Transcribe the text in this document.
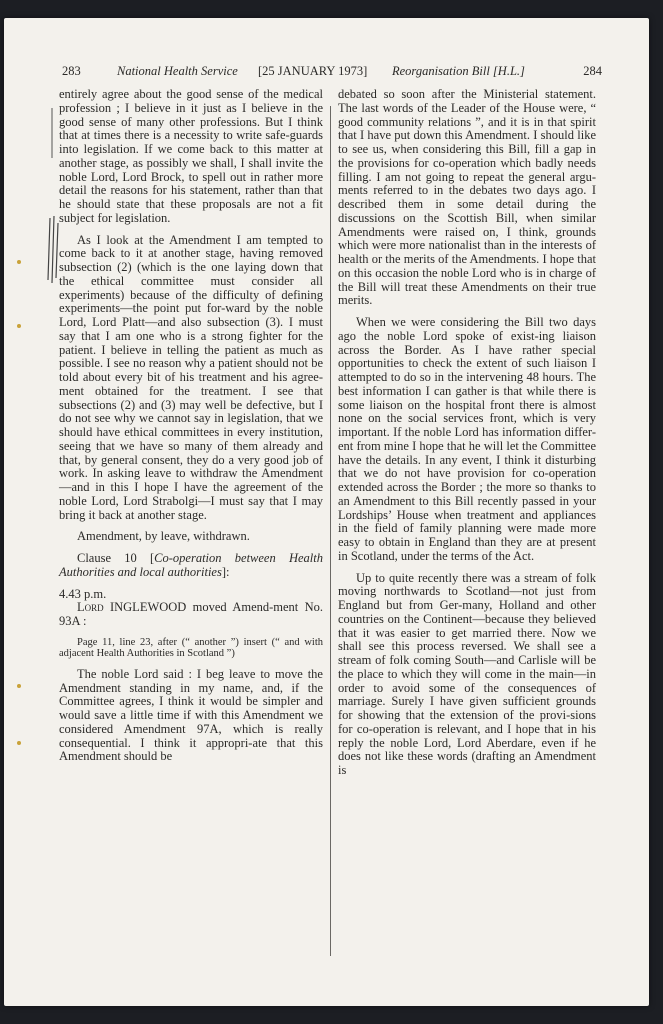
283	National Health Service [25 JANUARY 1973] Reorganisation Bill [H.L.]	284

entirely agree about the good sense of the medical profession ; I believe in it just as I believe in the good sense of many other professions. But I think that at times there is a necessity to write safe-guards into legislation. If we come back to this matter at another stage, as possibly we shall, I shall invite the noble Lord, Lord Brock, to spell out in rather more detail the reasons for his statement, rather than that he should state that these proposals are not a fit subject for legislation.

As I look at the Amendment I am tempted to come back to it at another stage, having removed subsection (2) (which is the one laying down that the ethical committee must consider all experiments) because of the difficulty of defining experiments—the point put for-ward by the noble Lord, Lord Platt—and also subsection (3). I must say that I am one who is a strong fighter for the patient. I believe in telling the patient as much as possible. I see no reason why a patient should not be told about every bit of his treatment and his agree-ment obtained for the treatment. I see that subsections (2) and (3) may well be defective, but I do not see why we cannot say in legislation, that we should have ethical committees in every institution, seeing that we have so many of them already and that, by general consent, they do a very good job of work. In asking leave to withdraw the Amendment—and in this I hope I have the agreement of the noble Lord, Lord Strabolgi—I must say that I may bring it back at another stage.

Amendment, by leave, withdrawn.

Clause 10 [Co-operation between Health Authorities and local authorities]:

4.43 p.m.

Lord INGLEWOOD moved Amend-ment No. 93A :

Page 11, line 23, after (“ another ”) insert (“ and with adjacent Health Authorities in Scotland ”)

The noble Lord said : I beg leave to move the Amendment standing in my name, and, if the Committee agrees, I think it would be simpler and would save a little time if with this Amendment we considered Amendment 97A, which is really consequential. I think it appropri-ate that this Amendment should be

debated so soon after the Ministerial statement. The last words of the Leader of the House were, “ good community relations ”, and it is in that spirit that I have put down this Amendment. I should like to see us, when considering this Bill, fill a gap in the provisions for co-operation which badly needs filling. I am not going to repeat the general argu-ments referred to in the debates two days ago. I described them in some detail during the discussions on the Scottish Bill, when similar Amendments were raised on, I think, grounds which were more nationalist than in the interests of health or the merits of the Amendments. I hope that on this occasion the noble Lord who is in charge of the Bill will treat these Amendments on their true merits.

When we were considering the Bill two days ago the noble Lord spoke of exist-ing liaison across the Border. As I have rather special opportunities to check the extent of such liaison I attempted to do so in the intervening 48 hours. The best information I can gather is that while there is some liaison on the hospital front there is almost none on the social services front, which is very important. If the noble Lord has information differ-ent from mine I hope that he will let the Committee have the details. In any event, I think it disturbing that we do not have provision for co-operation extended across the Border ; the more so thanks to an Amendment to this Bill recently passed in your Lordships’ House when treatment and appliances in the field of family planning were made more easy to obtain in England than they are at present in Scotland, under the terms of the Act.

Up to quite recently there was a stream of folk moving northwards to Scotland—not just from England but from Ger-many, Holland and other countries on the Continent—because they believed that it was easier to get married there. Now we shall see this process reversed. We shall see a stream of folk coming South—and Carlisle will be the place to which they will come in the main—in order to avoid some of the consequences of marriage. Surely I have given sufficient grounds for showing that the extension of the provi-sions for co-operation is relevant, and I hope that in his reply the noble Lord, Lord Aberdare, even if he does not like these words (drafting an Amendment is
